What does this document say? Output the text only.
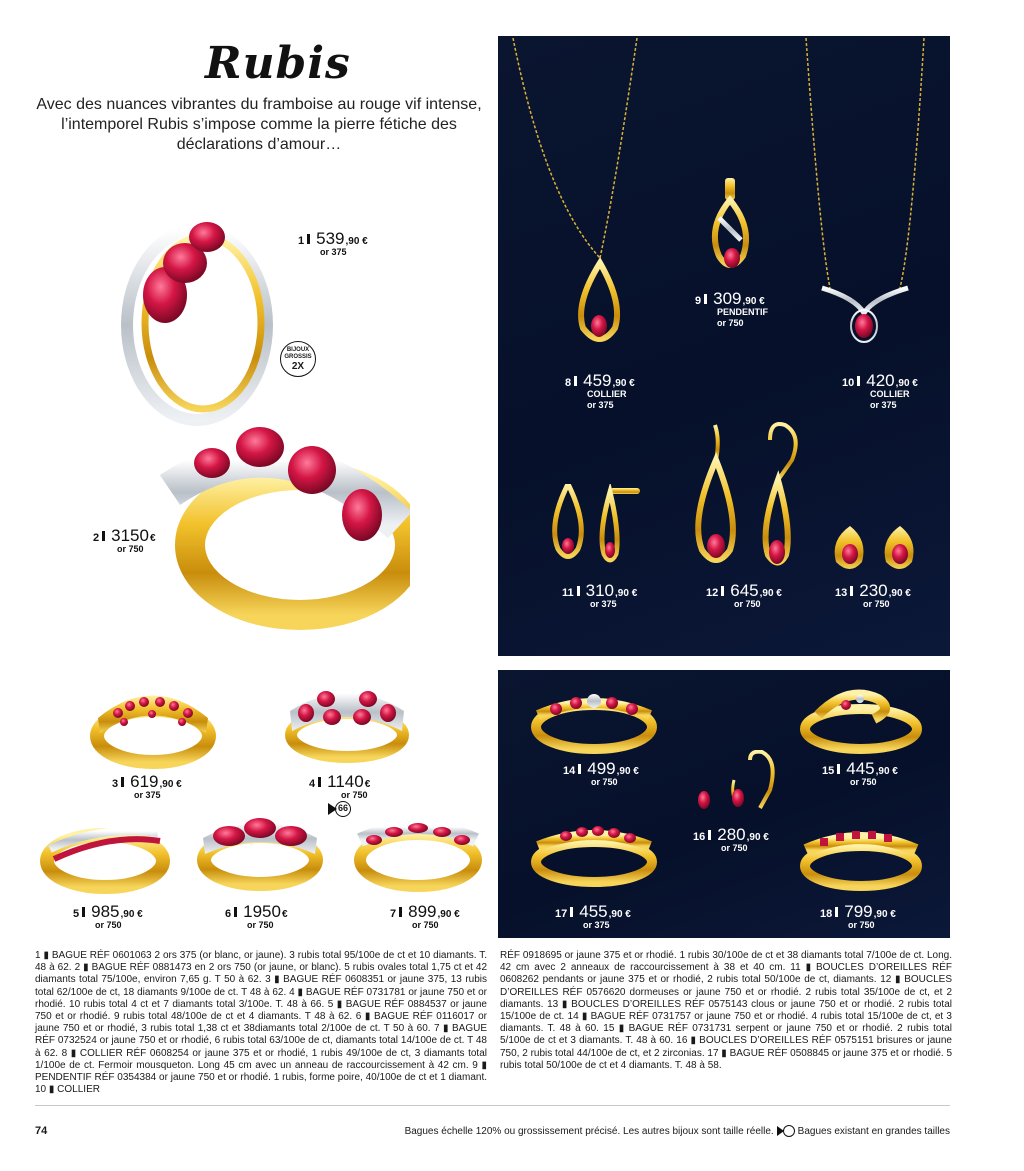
Rubis
Avec des nuances vibrantes du framboise au rouge vif intense, l’intemporel Rubis s’impose comme la pierre fétiche des déclarations d’amour…
BIJOUX GROSSIS
2X
66
1 539 ,90 €
or 375
2 3150 €
or 750
3 619 ,90 €
or 375
4 1140 €
or 750
5 985 ,90 €
or 750
6 1950 €
or 750
7 899 ,90 €
or 750
8 459 ,90 €
COLLIER
or 375
9 309 ,90 €
PENDENTIF
or 750
10 420 ,90 €
COLLIER
or 375
11 310 ,90 €
or 375
12 645 ,90 €
or 750
13 230 ,90 €
or 750
14 499 ,90 €
or 750
15 445 ,90 €
or 750
16 280 ,90 €
or 750
17 455 ,90 €
or 375
18 799 ,90 €
or 750
1 ▮ BAGUE RÉF 0601063 2 ors 375 (or blanc, or jaune). 3 rubis total 95/100e de ct et 10 diamants. T. 48 à 62. 2 ▮ BAGUE RÉF 0881473 en 2 ors 750 (or jaune, or blanc). 5 rubis ovales total 1,75 ct et 42 diamants total 75/100e, environ 7,65 g. T 50 à 62. 3 ▮ BAGUE RÉF 0608351 or jaune 375, 13 rubis total 62/100e de ct, 18 diamants 9/100e de ct. T 48 à 62. 4 ▮ BAGUE RÉF 0731781 or jaune 750 et or rhodié. 10 rubis total 4 ct et 7 diamants total 3/100e. T. 48 à 66. 5 ▮ BAGUE RÉF 0884537 or jaune 750 et or rhodié. 9 rubis total 48/100e de ct et 4 diamants. T 48 à 62. 6 ▮ BAGUE RÉF 0116017 or jaune 750 et or rhodié, 3 rubis total 1,38 ct et 38diamants total 2/100e de ct. T 50 à 60. 7 ▮ BAGUE RÉF 0732524 or jaune 750 et or rhodié, 6 rubis total 63/100e de ct, diamants total 14/100e de ct. T 48 à 62. 8 ▮ COLLIER RÉF 0608254 or jaune 375 et or rhodié, 1 rubis 49/100e de ct, 3 diamants total 1/100e de ct. Fermoir mousqueton. Long 45 cm avec un anneau de raccourcissement à 42 cm. 9 ▮ PENDENTIF RÉF 0354384 or jaune 750 et or rhodié. 1 rubis, forme poire, 40/100e de ct et 1 diamant. 10 ▮ COLLIER
RÉF 0918695 or jaune 375 et or rhodié. 1 rubis 30/100e de ct et 38 diamants total 7/100e de ct. Long. 42 cm avec 2 anneaux de raccourcissement à 38 et 40 cm. 11 ▮ BOUCLES D’OREILLES RÉF 0608262 pendants or jaune 375 et or rhodié, 2 rubis total 50/100e de ct, diamants. 12 ▮ BOUCLES D’OREILLES RÉF 0576620 dormeuses or jaune 750 et or rhodié. 2 rubis total 35/100e de ct, et 2 diamants. 13 ▮ BOUCLES D’OREILLES RÉF 0575143 clous or jaune 750 et or rhodié. 2 rubis total 15/100e de ct. 14 ▮ BAGUE RÉF 0731757 or jaune 750 et or rhodié. 4 rubis total 15/100e de ct, et 3 diamants. T. 48 à 60. 15 ▮ BAGUE RÉF 0731731 serpent or jaune 750 et or rhodié. 2 rubis total 5/100e de ct et 3 diamants. T. 48 à 60. 16 ▮ BOUCLES D’OREILLES RÉF 0575151 brisures or jaune 750, 2 rubis total 44/100e de ct, et 2 zirconias. 17 ▮ BAGUE RÉF 0508845 or jaune 375 et or rhodié. 5 rubis total 50/100e de ct et 4 diamants. T. 48 à 58.
74	Bagues échelle 120% ou grossissement précisé. Les autres bijoux sont taille réelle. Bagues existant en grandes tailles
